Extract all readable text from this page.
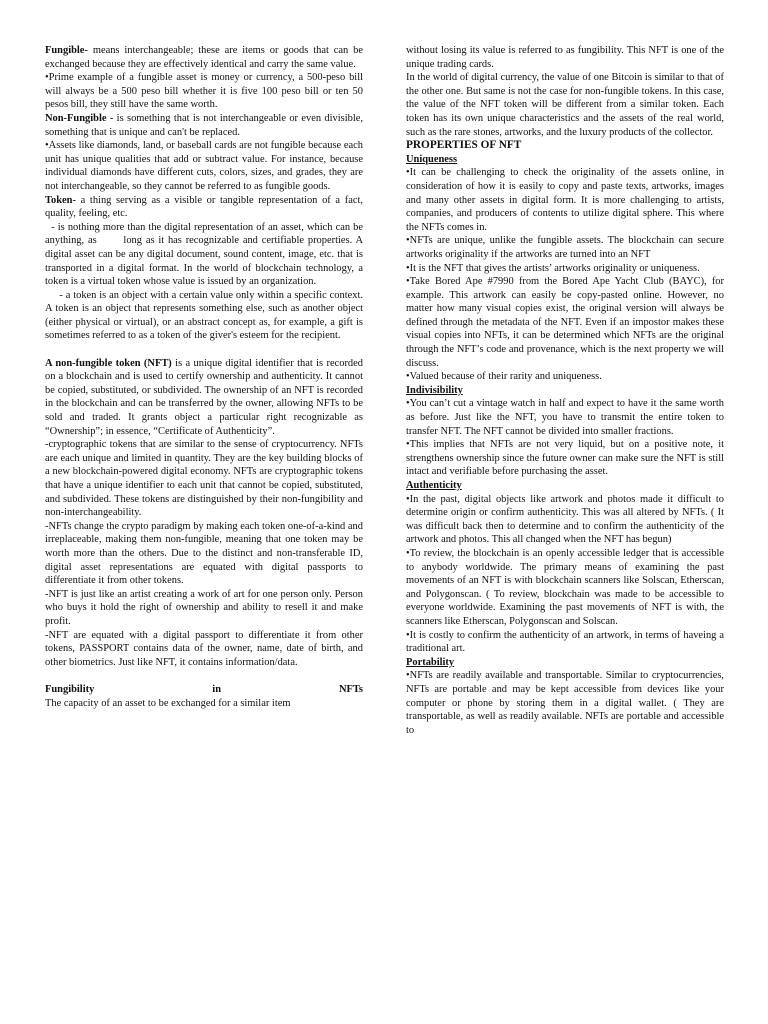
Fungible- means interchangeable; these are items or goods that can be exchanged because they are effectively identical and carry the same value.

•Prime example of a fungible asset is money or currency, a 500-peso bill will always be a 500 peso bill whether it is five 100 peso bill or ten 50 pesos bill, they still have the same worth.

Non-Fungible - is something that is not interchangeable or even divisible, something that is unique and can't be replaced.

•Assets like diamonds, land, or baseball cards are not fungible because each unit has unique qualities that add or subtract value. For instance, because individual diamonds have different cuts, colors, sizes, and grades, they are not interchangeable, so they cannot be referred to as fungible goods.

Token- a thing serving as a visible or tangible representation of a fact, quality, feeling, etc.

- is nothing more than the digital representation of an asset, which can be anything, as       long as it has recognizable and certifiable properties. A digital asset can be any digital document, sound content, image, etc. that is transported in a digital format. In the world of blockchain technology, a token is a virtual token whose value is issued by an organization.

- a token is an object with a certain value only within a specific context. A token is an object that represents something else, such as another object (either physical or virtual), or an abstract concept as, for example, a gift is sometimes referred to as a token of the giver's esteem for the recipient.

A non-fungible token (NFT) is a unique digital identifier that is recorded on a blockchain and is used to certify ownership and authenticity. It cannot be copied, substituted, or subdivided. The ownership of an NFT is recorded in the blockchain and can be transferred by the owner, allowing NFTs to be sold and traded. It grants object a particular right recognizable as “Ownership”; in essence, “Certificate of Authenticity”.

-cryptographic tokens that are similar to the sense of cryptocurrency. NFTs are each unique and limited in quantity. They are the key building blocks of a new blockchain-powered digital economy. NFTs are cryptographic tokens that have a unique identifier to each unit that cannot be copied, substituted, and subdivided. These tokens are distinguished by their non-fungibility and non-interchangeability.

-NFTs change the crypto paradigm by making each token one-of-a-kind and irreplaceable, making them non-fungible, meaning that one token may be worth more than the others. Due to the distinct and non-transferable ID, digital asset representations are equated with digital passports to differentiate it from other tokens.

-NFT is just like an artist creating a work of art for one person only. Person who buys it hold the right of ownership and ability to resell it and make profit.

-NFT are equated with a digital passport to differentiate it from other tokens, PASSPORT contains data of the owner, name, date of birth, and other biometrics. Just like NFT, it contains information/data.

Fungibility	in	NFTs

The capacity of an asset to be exchanged for a similar item

without losing its value is referred to as fungibility. This NFT is one of the unique trading cards.

In the world of digital currency, the value of one Bitcoin is similar to that of the other one. But same is not the case for non-fungible tokens. In this case, the value of the NFT token will be different from a similar token. Each token has its own unique characteristics and the assets of the real world, such as the rare stones, artworks, and the luxury products of the collector.

PROPERTIES OF NFT

Uniqueness

•It can be challenging to check the originality of the assets online, in consideration of how it is easily to copy and paste texts, artworks, images and many other assets in digital form. It is more challenging to artists, companies, and producers of contents to utilize digital sphere. This where the NFTs comes in.

•NFTs are unique, unlike the fungible assets. The blockchain can secure artworks originality if the artworks are turned into an NFT

•It is the NFT that gives the artists’ artworks originality or uniqueness.

•Take Bored Ape #7990 from the Bored Ape Yacht Club (BAYC), for example. This artwork can easily be copy-pasted online. However, no matter how many visual copies exist, the original version will always be defined through the metadata of the NFT. Even if an impostor makes these visual copies into NFTs, it can be determined which NFTs are the original through the NFT’s code and provenance, which is the next property we will discuss.

•Valued because of their rarity and uniqueness.

Indivisibility

•You can’t cut a vintage watch in half and expect to have it the same worth as before. Just like the NFT, you have to transmit the entire token to transfer NFT. The NFT cannot be divided into smaller fractions.

•This implies that NFTs are not very liquid, but on a positive note, it strengthens ownership since the future owner can make sure the NFT is still intact and verifiable before purchasing the asset.

Authenticity

•In the past, digital objects like artwork and photos made it difficult to determine origin or confirm authenticity. This was all altered by NFTs. ( It was difficult back then to determine and to confirm the authenticity of the artwork and photos. This all changed when the NFT has begun)

•To review, the blockchain is an openly accessible ledger that is accessible to anybody worldwide. The primary means of examining the past movements of an NFT is with blockchain scanners like Solscan, Etherscan, and Polygonscan. ( To review, blockchain was made to be accessible to everyone worldwide. Examining the past movements of NFT is with, the scanners like Etherscan, Polygonscan and Solscan.

•It is costly to confirm the authenticity of an artwork, in terms of haveing a traditional art.

Portability

•NFTs are readily available and transportable. Similar to cryptocurrencies, NFTs are portable and may be kept accessible from devices like your computer or phone by storing them in a digital wallet. ( They are transportable, as well as readily available. NFTs are portable and accessible to
